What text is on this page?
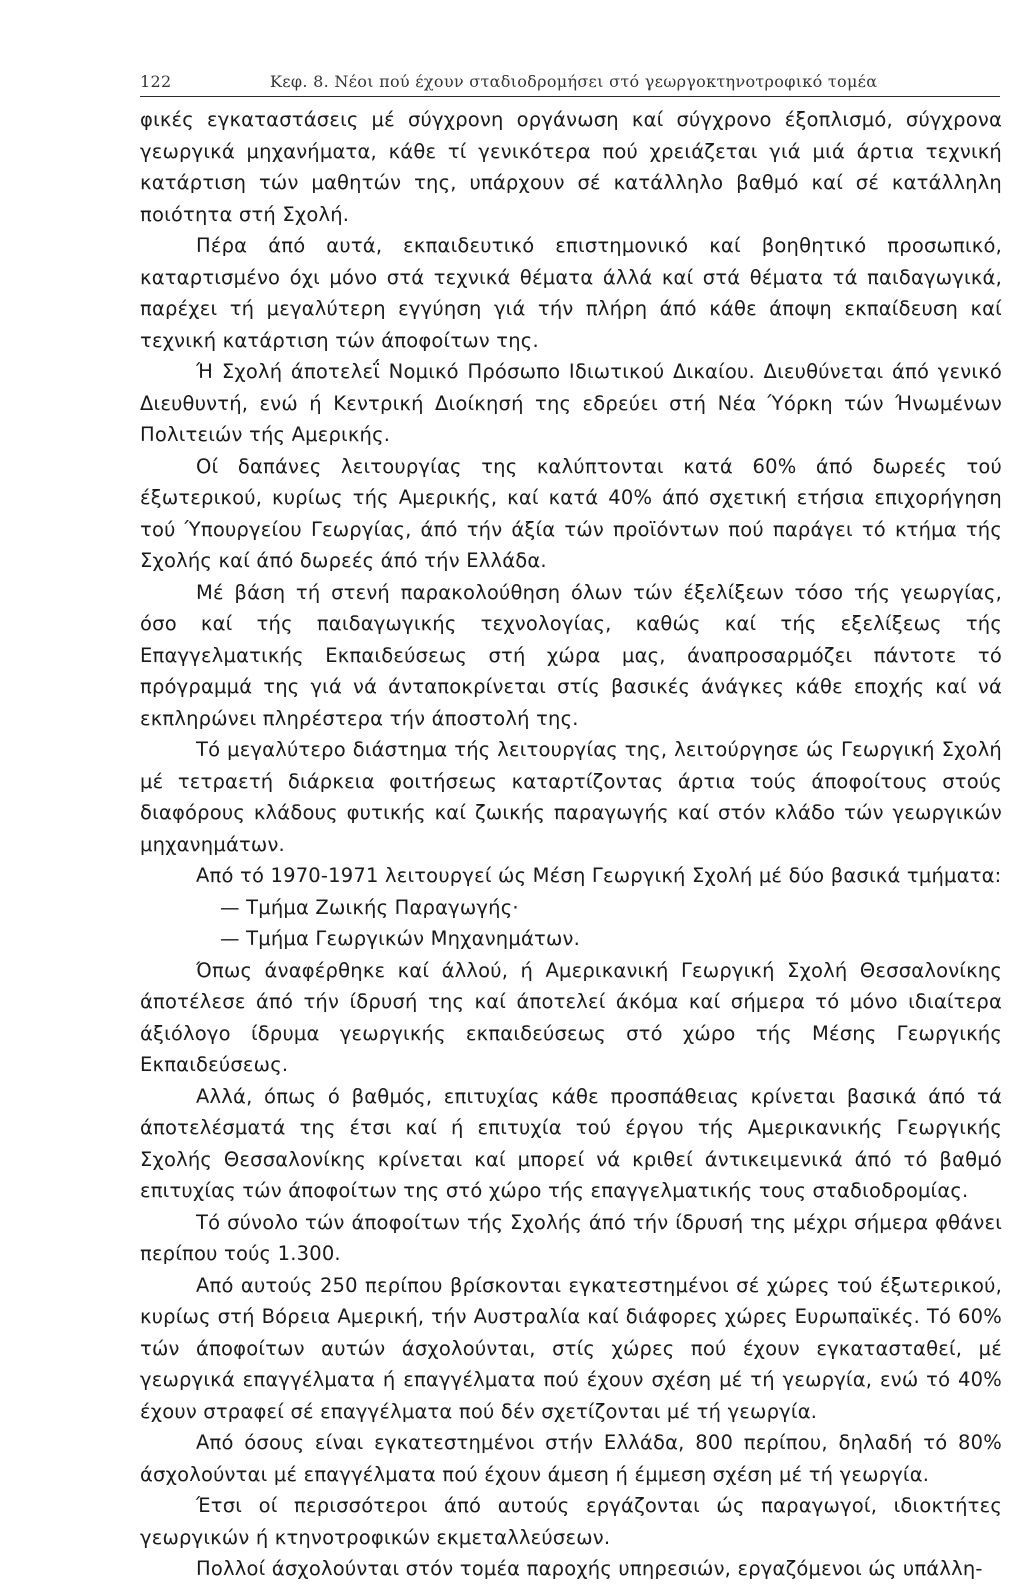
122	Κεφ. 8. Νέοι πού έχουν σταδιοδρομήσει στό γεωργοκτηνοτροφικό τομέα

φικές εγκαταστάσεις μέ σύγχρονη οργάνωση καί σύγχρονο έξοπλισμό, σύγχρονα γεωργικά μηχανήματα, κάθε τί γενικότερα πού χρειάζεται γιά μιά άρτια τεχνική κατάρτιση τών μαθητών της, υπάρχουν σέ κατάλληλο βαθμό καί σέ κατάλληλη ποιότητα στή Σχολή.

Πέρα άπό αυτά, εκπαιδευτικό επιστημονικό καί βοηθητικό προσωπικό, καταρτισμένο όχι μόνο στά τεχνικά θέματα άλλά καί στά θέματα τά παιδαγωγικά, παρέχει τή μεγαλύτερη εγγύηση γιά τήν πλήρη άπό κάθε άποψη εκπαίδευση καί τεχνική κατάρτιση τών άποφοίτων της.

Ή Σχολή άποτελεΐ Νομικό Πρόσωπο Ιδιωτικού Δικαίου. Διευθύνεται άπό γενικό Διευθυντή, ενώ ή Κεντρική Διοίκησή της εδρεύει στή Νέα Ύόρκη τών Ήνωμένων Πολιτειών τής Αμερικής.

Οί δαπάνες λειτουργίας της καλύπτονται κατά 60% άπό δωρεές τού έξωτερικού, κυρίως τής Αμερικής, καί κατά 40% άπό σχετική ετήσια επιχορήγηση τού Ύπουργείου Γεωργίας, άπό τήν άξία τών προϊόντων πού παράγει τό κτήμα τής Σχολής καί άπό δωρεές άπό τήν Ελλάδα.

Μέ βάση τή στενή παρακολούθηση όλων τών έξελίξεων τόσο τής γεωργίας, όσο καί τής παιδαγωγικής τεχνολογίας, καθώς καί τής εξελίξεως τής Επαγγελματικής Εκπαιδεύσεως στή χώρα μας, άναπροσαρμόζει πάντοτε τό πρόγραμμά της γιά νά άνταποκρίνεται στίς βασικές άνάγκες κάθε εποχής καί νά εκπληρώνει πληρέστερα τήν άποστολή της.

Τό μεγαλύτερο διάστημα τής λειτουργίας της, λειτούργησε ώς Γεωργική Σχολή μέ τετραετή διάρκεια φοιτήσεως καταρτίζοντας άρτια τούς άποφοίτους στούς διαφόρους κλάδους φυτικής καί ζωικής παραγωγής καί στόν κλάδο τών γεωργικών μηχανημάτων.

Από τό 1970-1971 λειτουργεί ώς Μέση Γεωργική Σχολή μέ δύο βασικά τμήματα:

— Τμήμα Ζωικής Παραγωγής·

— Τμήμα Γεωργικών Μηχανημάτων.

Όπως άναφέρθηκε καί άλλού, ή Αμερικανική Γεωργική Σχολή Θεσσαλονίκης άποτέλεσε άπό τήν ίδρυσή της καί άποτελεί άκόμα καί σήμερα τό μόνο ιδιαίτερα άξιόλογο ίδρυμα γεωργικής εκπαιδεύσεως στό χώρο τής Μέσης Γεωργικής Εκπαιδεύσεως.

Αλλά, όπως ό βαθμός, επιτυχίας κάθε προσπάθειας κρίνεται βασικά άπό τά άποτελέσματά της έτσι καί ή επιτυχία τού έργου τής Αμερικανικής Γεωργικής Σχολής Θεσσαλονίκης κρίνεται καί μπορεί νά κριθεί άντικειμενικά άπό τό βαθμό επιτυχίας τών άποφοίτων της στό χώρο τής επαγγελματικής τους σταδιοδρομίας.

Τό σύνολο τών άποφοίτων τής Σχολής άπό τήν ίδρυσή της μέχρι σήμερα φθάνει περίπου τούς 1.300.

Από αυτούς 250 περίπου βρίσκονται εγκατεστημένοι σέ χώρες τού έξωτερικού, κυρίως στή Βόρεια Αμερική, τήν Αυστραλία καί διάφορες χώρες Ευρωπαϊκές. Τό 60% τών άποφοίτων αυτών άσχολούνται, στίς χώρες πού έχουν εγκατασταθεί, μέ γεωργικά επαγγέλματα ή επαγγέλματα πού έχουν σχέση μέ τή γεωργία, ενώ τό 40% έχουν στραφεί σέ επαγγέλματα πού δέν σχετίζονται μέ τή γεωργία.

Από όσους είναι εγκατεστημένοι στήν Ελλάδα, 800 περίπου, δηλαδή τό 80% άσχολούνται μέ επαγγέλματα πού έχουν άμεση ή έμμεση σχέση μέ τή γεωργία.

Έτσι οί περισσότεροι άπό αυτούς εργάζονται ώς παραγωγοί, ιδιοκτήτες γεωργικών ή κτηνοτροφικών εκμεταλλεύσεων.

Πολλοί άσχολούνται στόν τομέα παροχής υπηρεσιών, εργαζόμενοι ώς υπάλλη-
